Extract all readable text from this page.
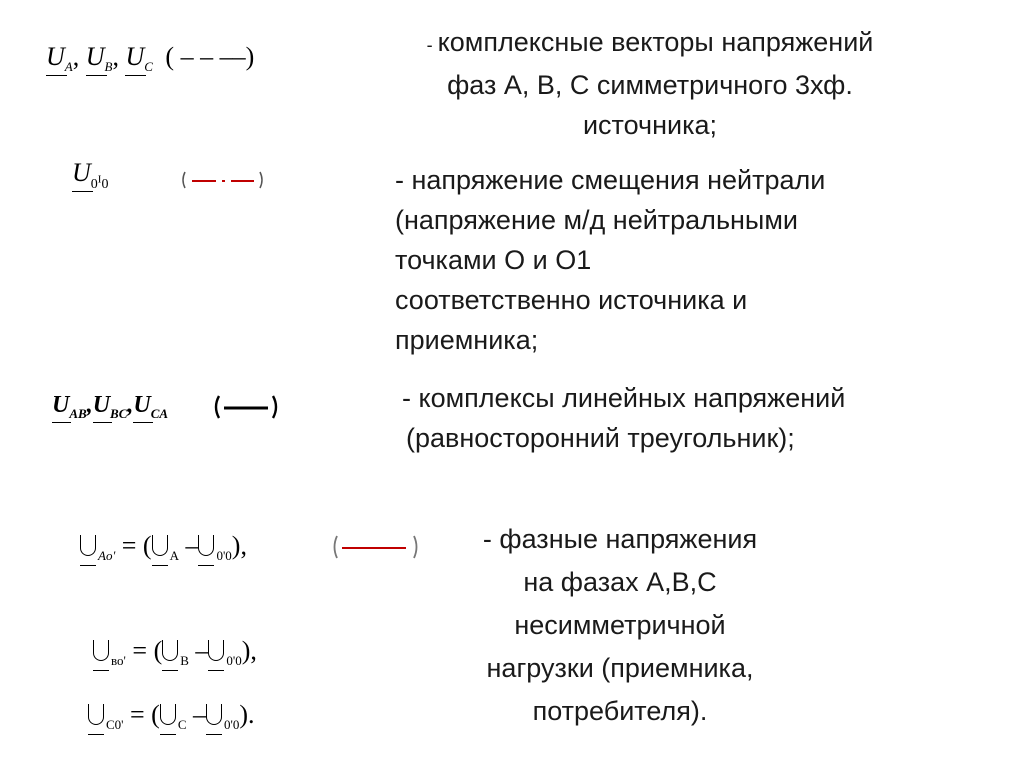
$U_A$, $U_B$, $U_C$ ( – – ––)	- комплексные векторы напряжений
фаз А, В, С симметричного 3хф.
источника;
$U_{0^I0}$	- напряжение смещения нейтрали
(напряжение м/д нейтральными
точками О и О1
соответственно источника и
приемника;
$U_{AB},U_{BC},U_{CA}$
- комплексы линейных напряжений
(равносторонний треугольник);
$_{Ao'}$ = ( $_A$ – $_{0'0}$),
$_{во'}$ = ( $_В$ – $_{0'0}$),
$_{C0'}$ = ( $_C$ – $_{0'0}$).
- фазные напряжения
на фазах А,В,С
несимметричной
нагрузки (приемника,
потребителя).
